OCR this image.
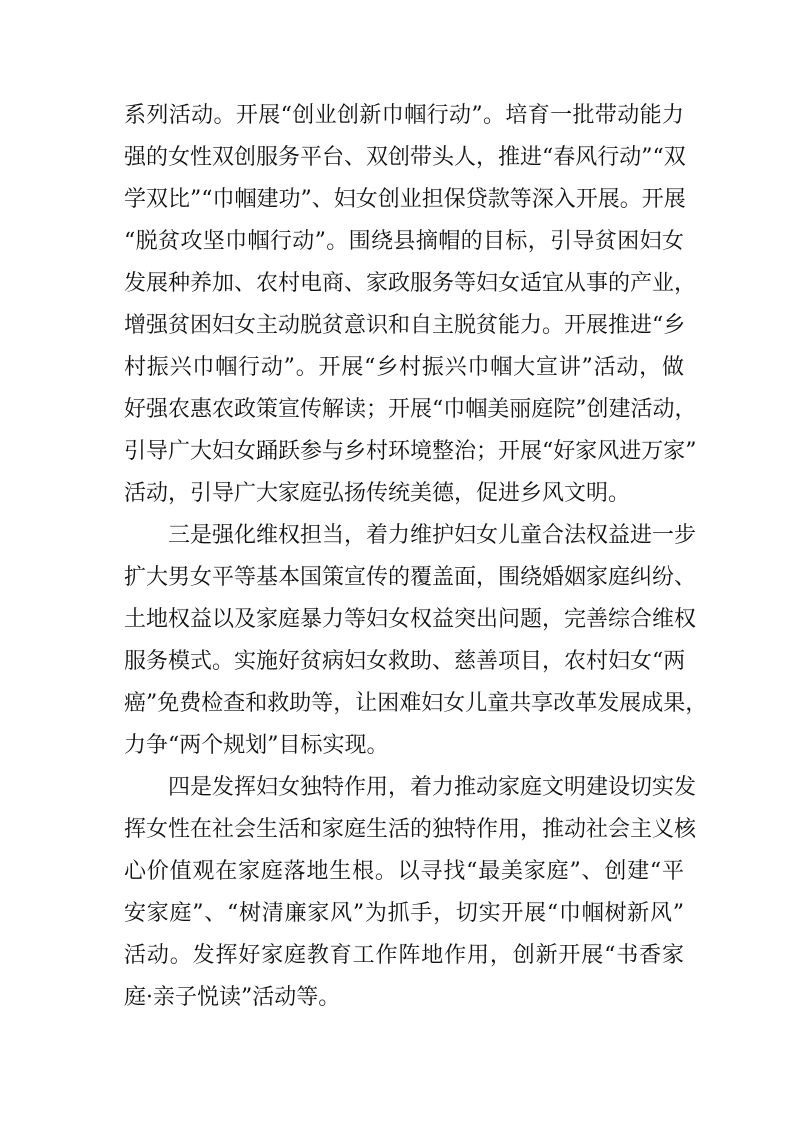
系列活动。开展“创业创新巾帼行动”。培育一批带动能力
强的女性双创服务平台、双创带头人，推进“春风行动”“双
学双比”“巾帼建功”、妇女创业担保贷款等深入开展。开展
“脱贫攻坚巾帼行动”。围绕县摘帽的目标，引导贫困妇女
发展种养加、农村电商、家政服务等妇女适宜从事的产业，
增强贫困妇女主动脱贫意识和自主脱贫能力。开展推进“乡
村振兴巾帼行动”。开展“乡村振兴巾帼大宣讲”活动，做
好强农惠农政策宣传解读；开展“巾帼美丽庭院”创建活动，
引导广大妇女踊跃参与乡村环境整治；开展“好家风进万家”
活动，引导广大家庭弘扬传统美德，促进乡风文明。
三是强化维权担当，着力维护妇女儿童合法权益进一步
扩大男女平等基本国策宣传的覆盖面，围绕婚姻家庭纠纷、
土地权益以及家庭暴力等妇女权益突出问题，完善综合维权
服务模式。实施好贫病妇女救助、慈善项目，农村妇女“两
癌”免费检查和救助等，让困难妇女儿童共享改革发展成果，
力争“两个规划”目标实现。
四是发挥妇女独特作用，着力推动家庭文明建设切实发
挥女性在社会生活和家庭生活的独特作用，推动社会主义核
心价值观在家庭落地生根。以寻找“最美家庭”、创建“平
安家庭”、“树清廉家风”为抓手，切实开展“巾帼树新风”
活动。发挥好家庭教育工作阵地作用，创新开展“书香家
庭·亲子悦读”活动等。
